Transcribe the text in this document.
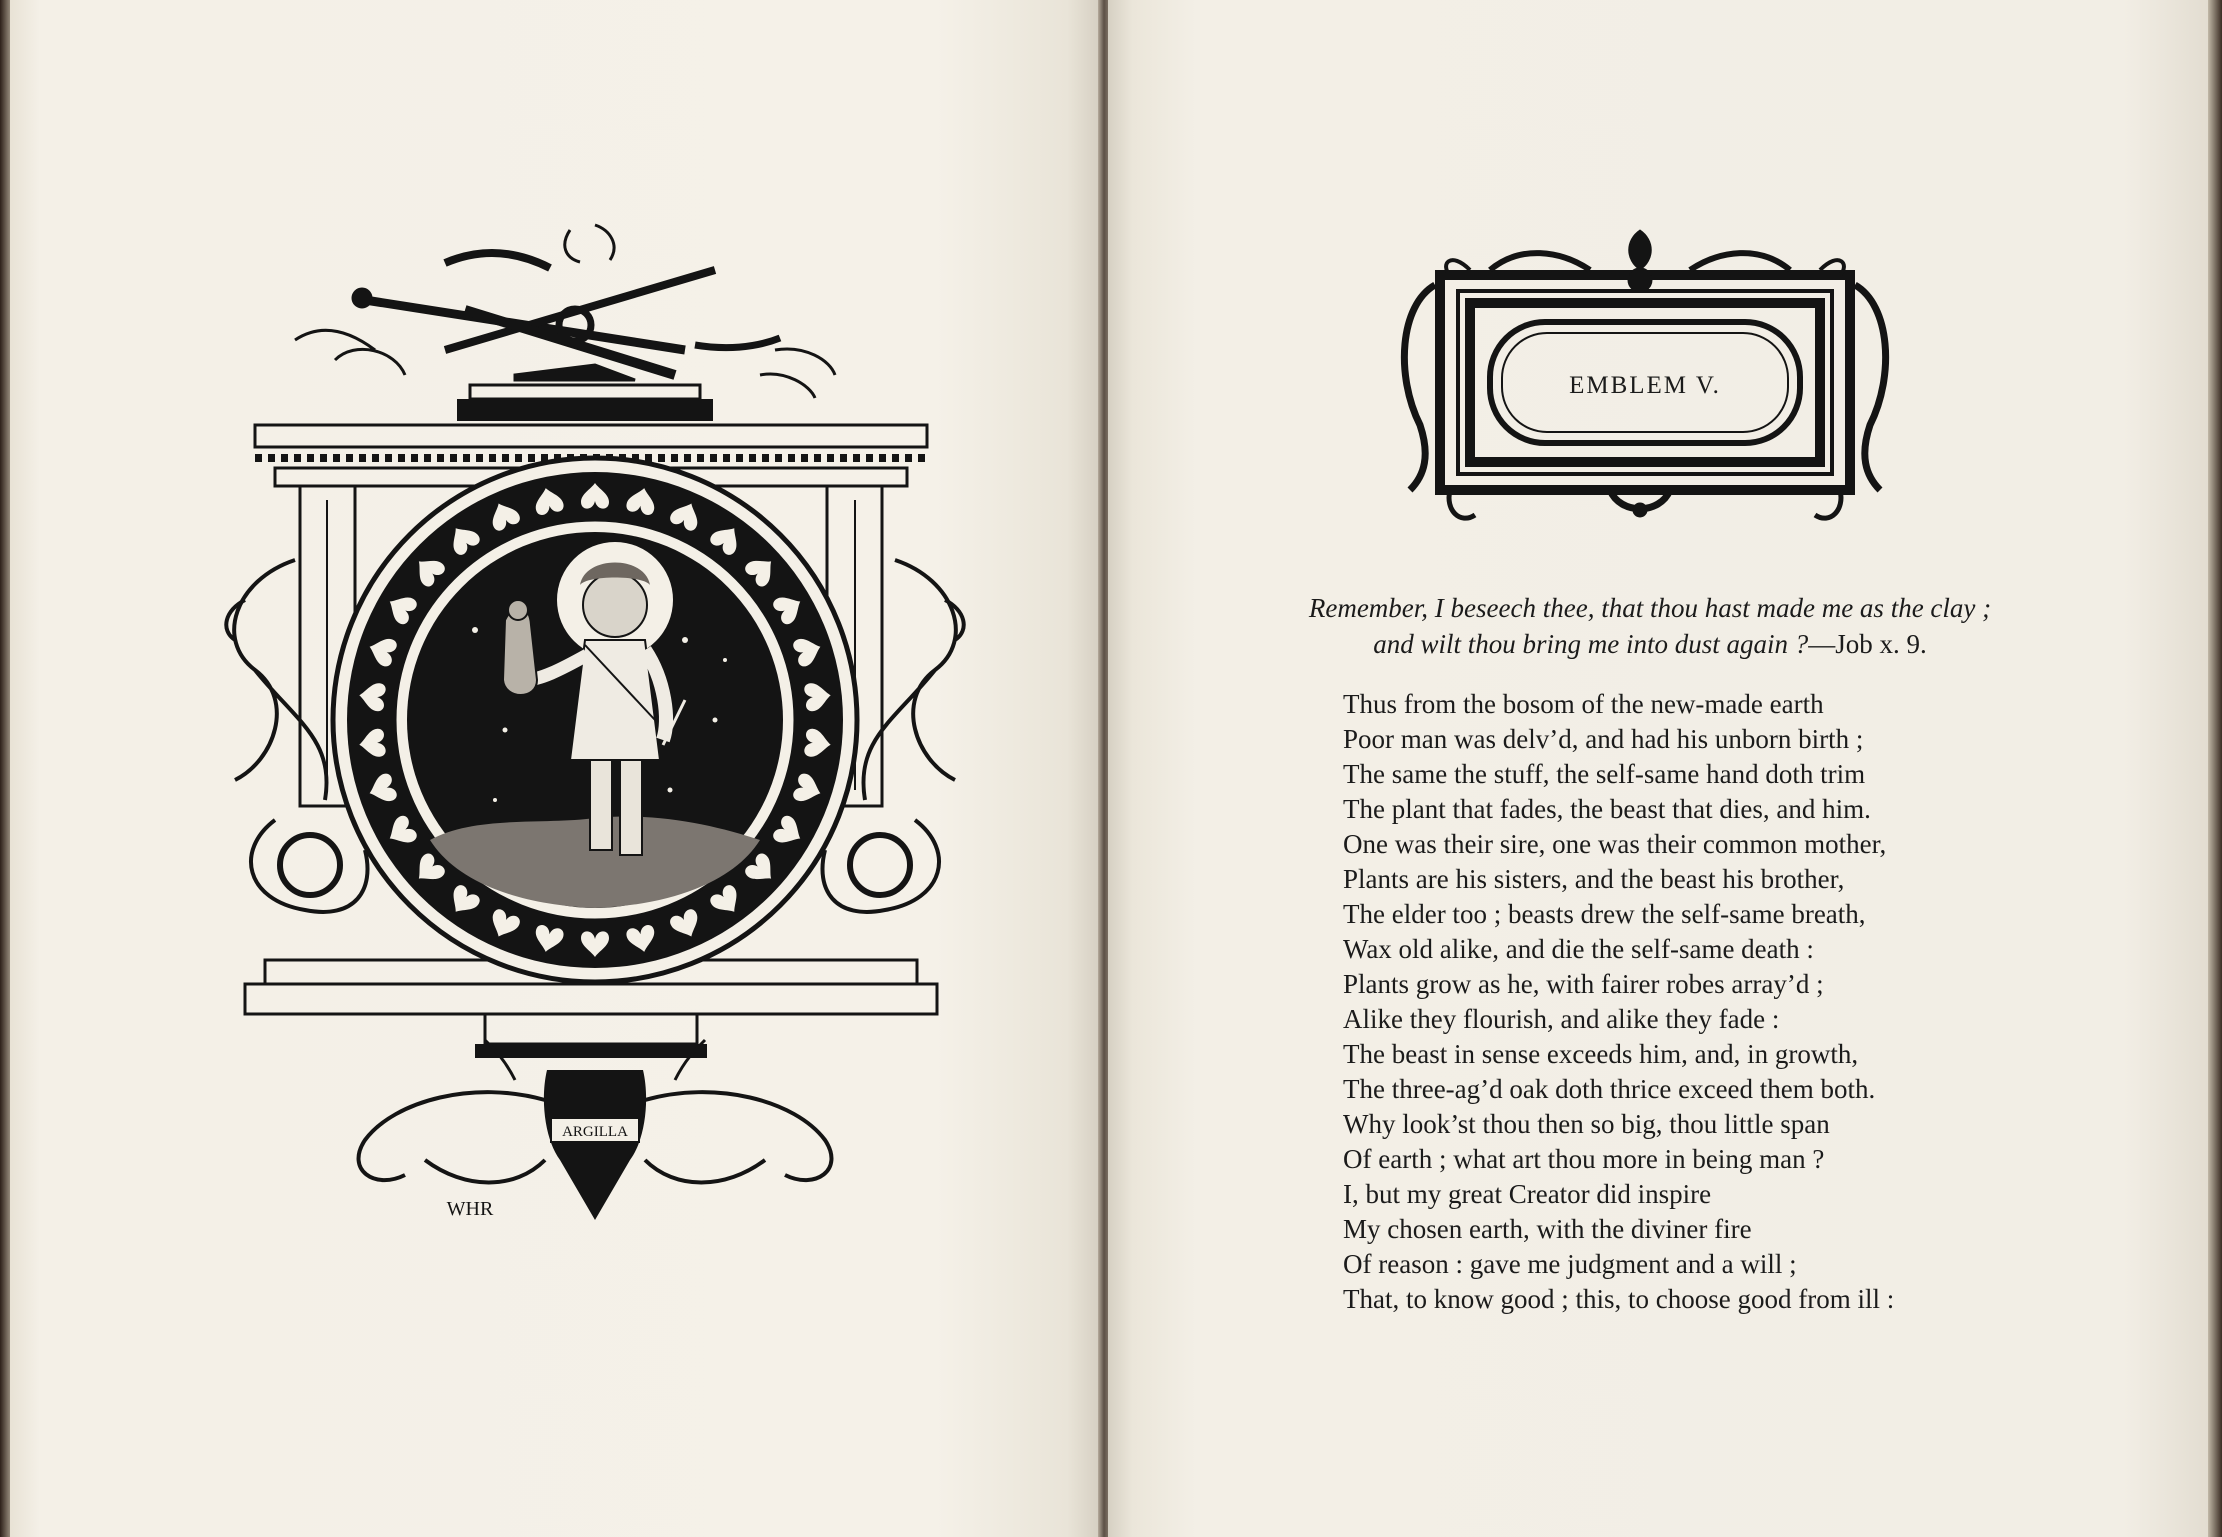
ARGILLA
WHR
EMBLEM V.
Remember, I beseech thee, that thou hast made me as the clay ;
and wilt thou bring me into dust again ?—Job x. 9.
Thus from the bosom of the new-made earth
Poor man was delv’d, and had his unborn birth ;
The same the stuff, the self-same hand doth trim
The plant that fades, the beast that dies, and him.
One was their sire, one was their common mother,
Plants are his sisters, and the beast his brother,
The elder too ; beasts drew the self-same breath,
Wax old alike, and die the self-same death :
Plants grow as he, with fairer robes array’d ;
Alike they flourish, and alike they fade :
The beast in sense exceeds him, and, in growth,
The three-ag’d oak doth thrice exceed them both.
Why look’st thou then so big, thou little span
Of earth ; what art thou more in being man ?
I, but my great Creator did inspire
My chosen earth, with the diviner fire
Of reason : gave me judgment and a will ;
That, to know good ; this, to choose good from ill :
